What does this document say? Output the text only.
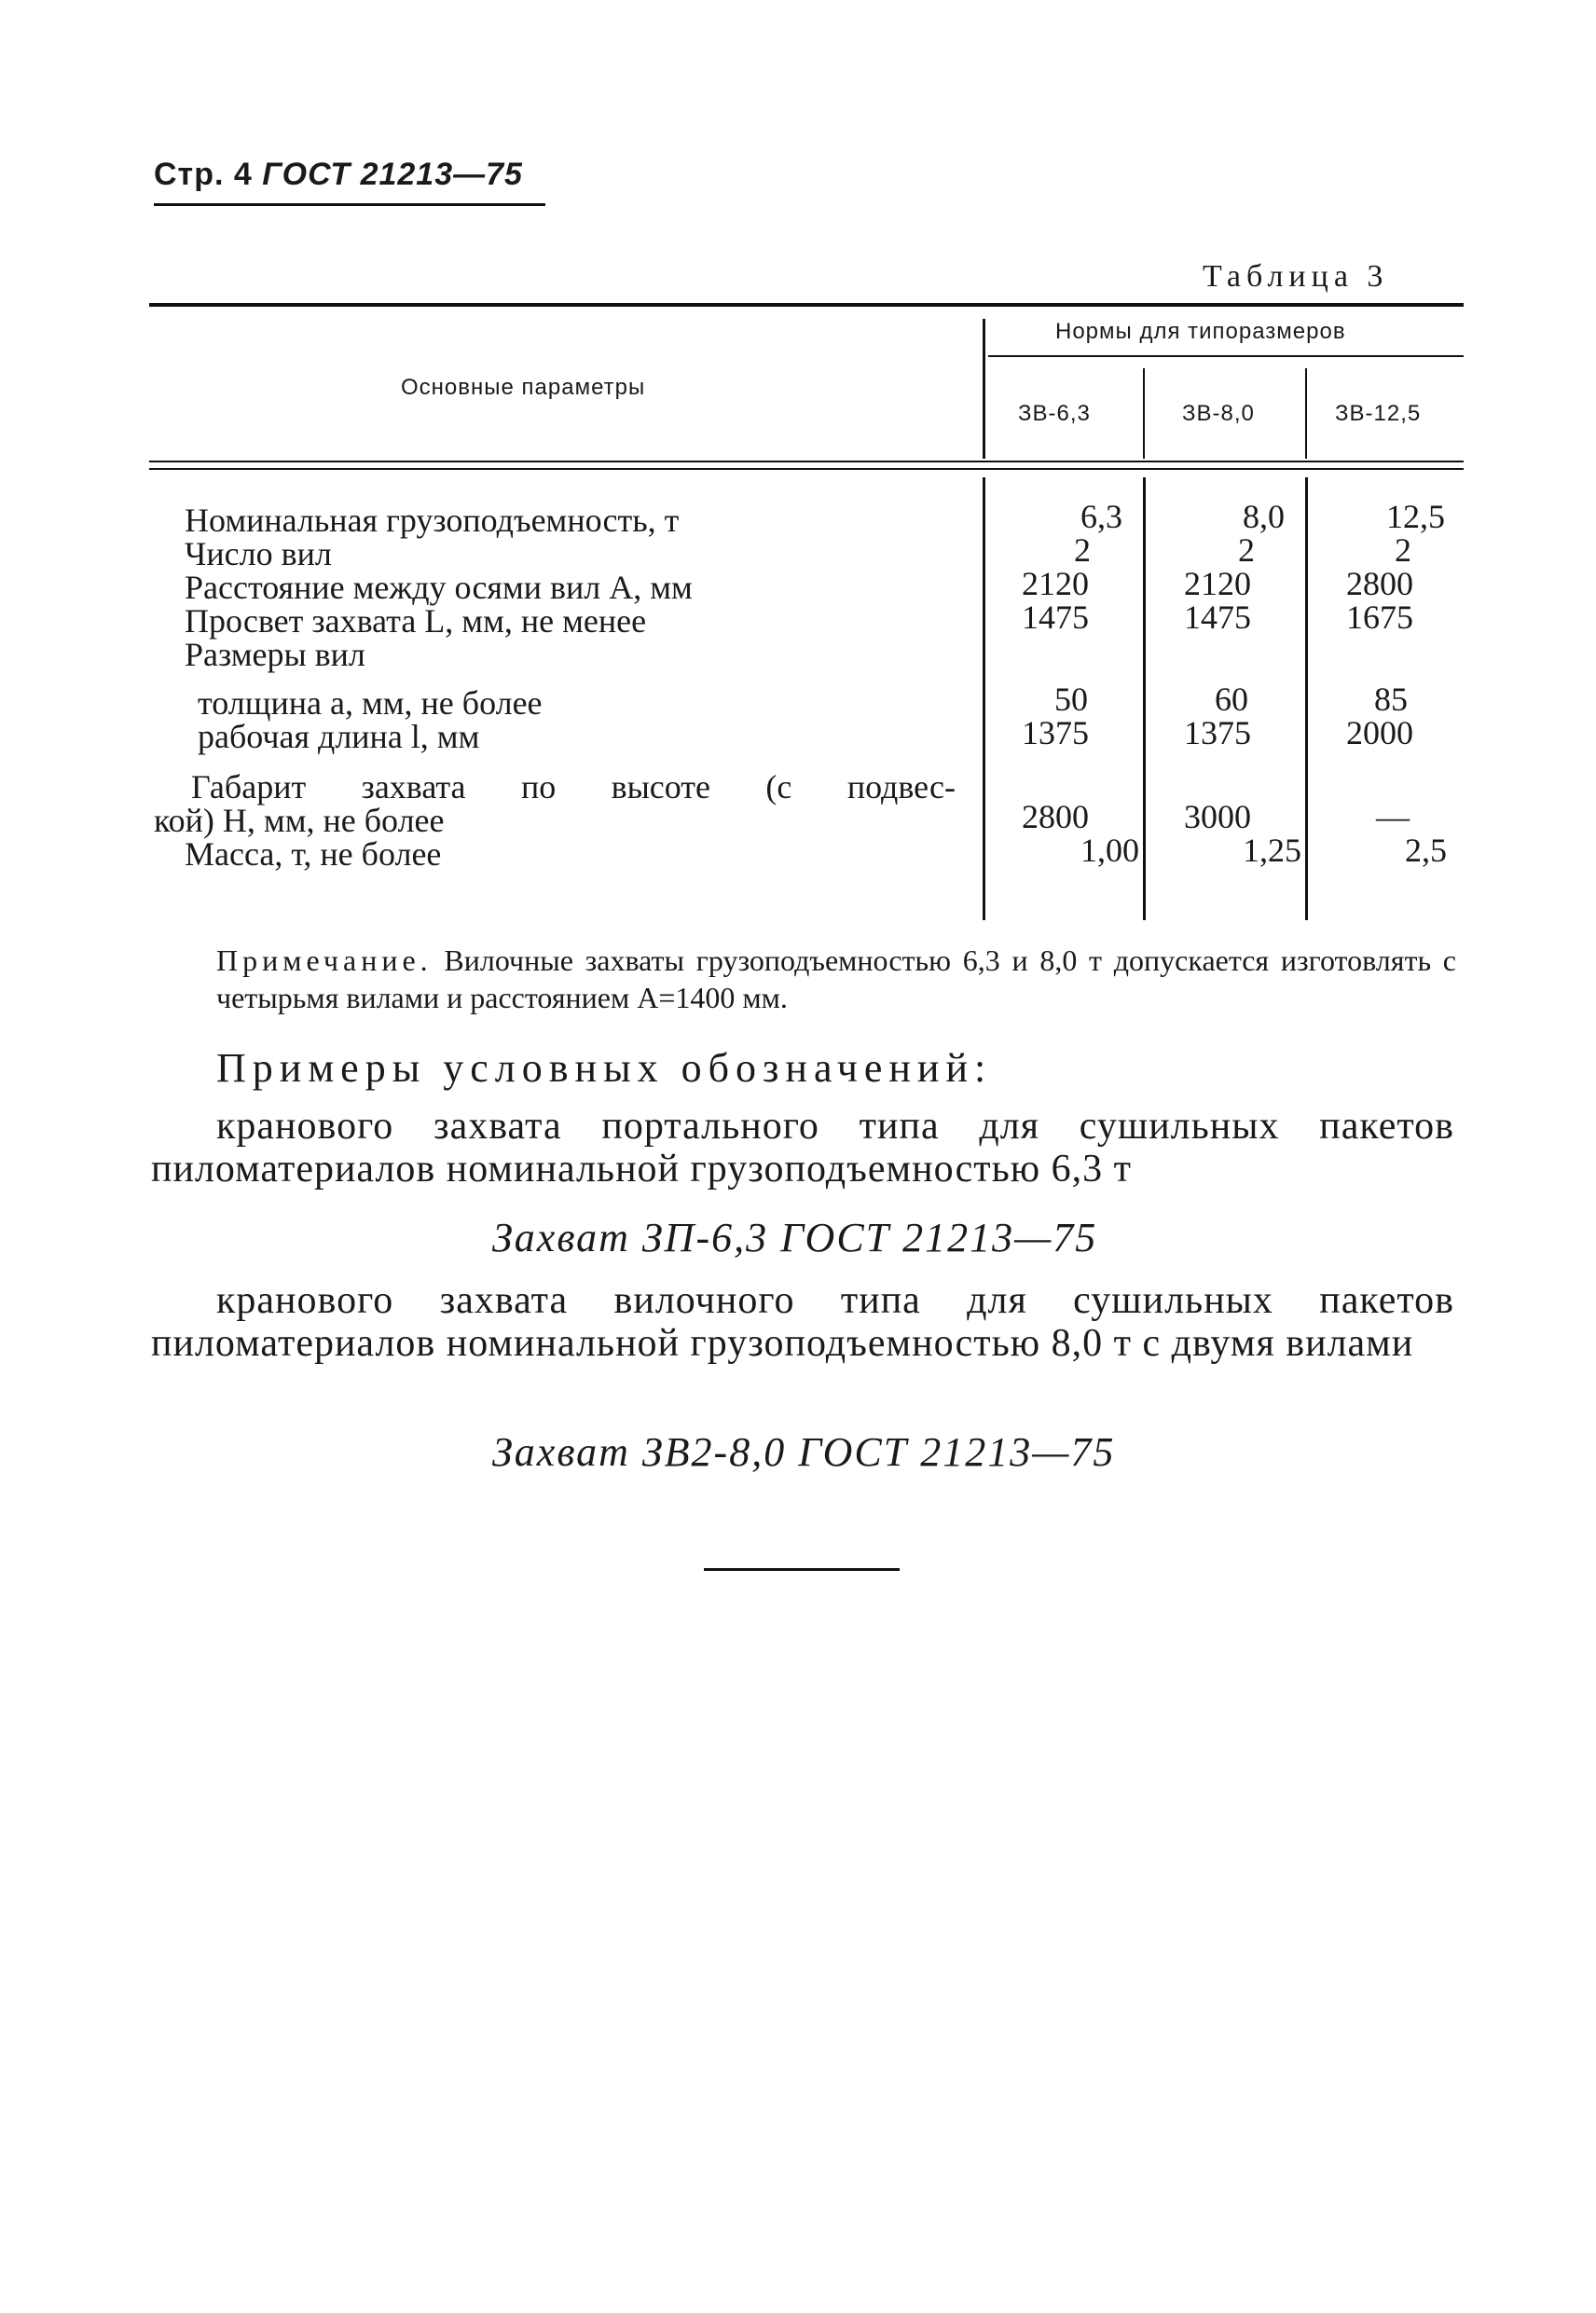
Стр. 4 ГОСТ 21213—75
Таблица 3
Основные параметры
Нормы для типоразмеров
ЗВ-6,3	ЗВ-8,0	ЗВ-12,5
Номинальная грузоподъемность, т
Число вил
Расстояние между осями вил A, мм
Просвет захвата L, мм, не менее
Размеры вил
толщина a, мм, не более
рабочая длина l, мм
Габарит захвата по высоте (с подвес-
кой) H, мм, не более
Масса, т, не более
6,3
2
2120
1475
50
1375
2800
1,00
8,0
2
2120
1475
60
1375
3000
1,25
12,5
2
2800
1675
85
2000
—
2,5
Примечание. Вилочные захваты грузоподъемностью 6,3 и 8,0 т допускается изготовлять с четырьмя вилами и расстоянием A=1400 мм.
Примеры условных обозначений:
кранового захвата портального типа для сушильных пакетов пиломатериалов номинальной грузоподъемностью 6,3 т
Захват ЗП-6,3 ГОСТ 21213—75
кранового захвата вилочного типа для сушильных пакетов пиломатериалов номинальной грузоподъемностью 8,0 т с двумя вилами
Захват ЗВ2-8,0 ГОСТ 21213—75
